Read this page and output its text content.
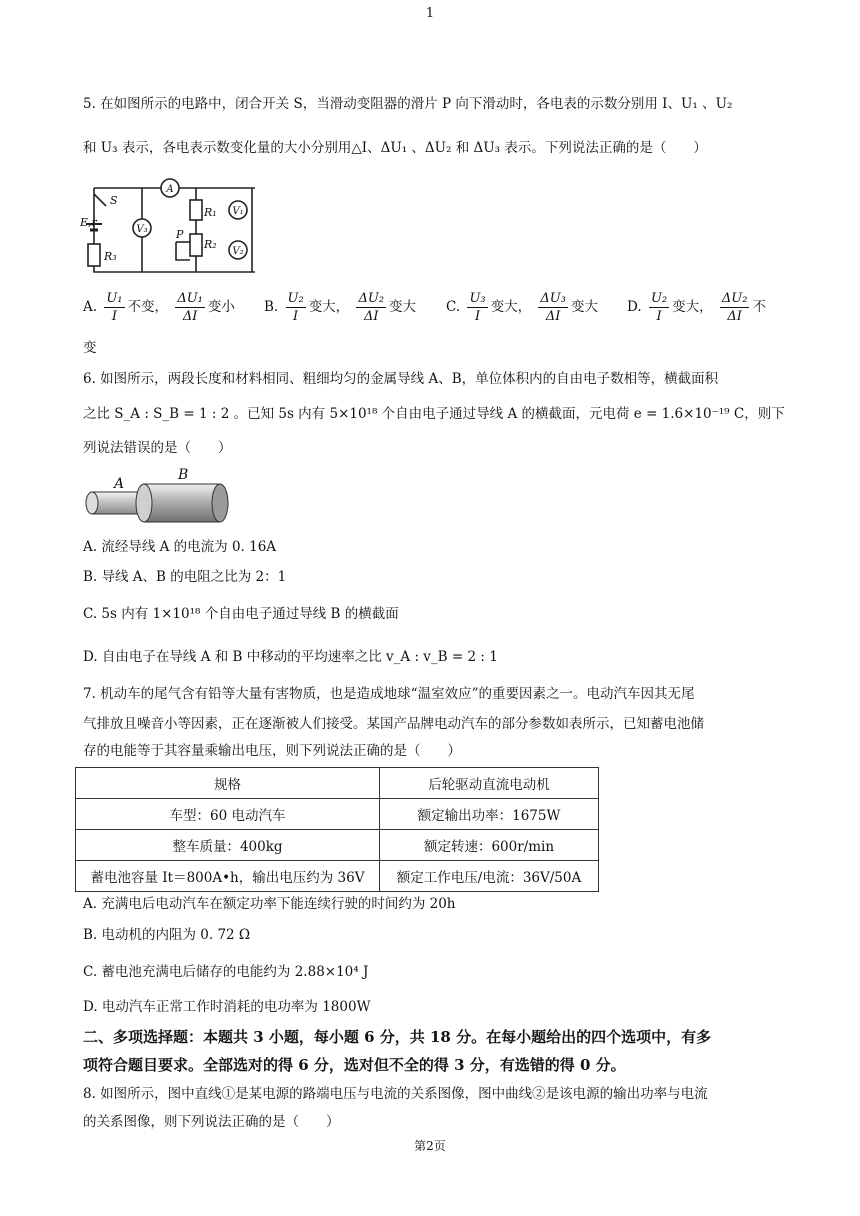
1
5. 在如图所示的电路中，闭合开关 S，当滑动变阻器的滑片 P 向下滑动时，各电表的示数分别用 I、U₁ 、U₂
和 U₃ 表示，各电表示数变化量的大小分别用△I、ΔU₁ 、ΔU₂ 和 ΔU₃ 表示。下列说法正确的是（　　）
A
V₃
V₁
V₂
S
E,r
R₃
R₁
R₂
P
A. $\frac{\text{U₁}}{I}$ 不变， $\frac{\text{ΔU₁}}{\Delta I}$ 变小 B. $\frac{\text{U₂}}{I}$ 变大， $\frac{\text{ΔU₂}}{\Delta I}$ 变大 C. $\frac{\text{U₃}}{I}$ 变大， $\frac{\text{ΔU₃}}{\Delta I}$ 变大 D. $\frac{\text{U₂}}{I}$ 变大， $\frac{\text{ΔU₂}}{\Delta I}$ 不
变
6. 如图所示，两段长度和材料相同、粗细均匀的金属导线 A、B，单位体积内的自由电子数相等，横截面积
之比 S_A : S_B = 1 : 2 。已知 5s 内有 5×10¹⁸ 个自由电子通过导线 A 的横截面，元电荷 e = 1.6×10⁻¹⁹ C，则下
列说法错误的是（　　）
A
B
A. 流经导线 A 的电流为 0. 16A
B. 导线 A、B 的电阻之比为 2：1
C. 5s 内有 1×10¹⁸ 个自由电子通过导线 B 的横截面
D. 自由电子在导线 A 和 B 中移动的平均速率之比 v_A : v_B = 2 : 1
7. 机动车的尾气含有铅等大量有害物质，也是造成地球“温室效应”的重要因素之一。电动汽车因其无尾
气排放且噪音小等因素，正在逐渐被人们接受。某国产品牌电动汽车的部分参数如表所示，已知蓄电池储
存的电能等于其容量乘输出电压，则下列说法正确的是（　　）
规格	后轮驱动直流电动机
车型：60 电动汽车	额定输出功率：1675W
整车质量：400kg	额定转速：600r/min
蓄电池容量 It＝800A•h，输出电压约为 36V	额定工作电压/电流：36V/50A
A. 充满电后电动汽车在额定功率下能连续行驶的时间约为 20h
B. 电动机的内阻为 0. 72 Ω
C. 蓄电池充满电后储存的电能约为 2.88×10⁴ J
D. 电动汽车正常工作时消耗的电功率为 1800W
二、多项选择题：本题共 3 小题，每小题 6 分，共 18 分。在每小题给出的四个选项中，有多
项符合题目要求。全部选对的得 6 分，选对但不全的得 3 分，有选错的得 0 分。
8. 如图所示，图中直线①是某电源的路端电压与电流的关系图像，图中曲线②是该电源的输出功率与电流
的关系图像，则下列说法正确的是（　　）
第2页
